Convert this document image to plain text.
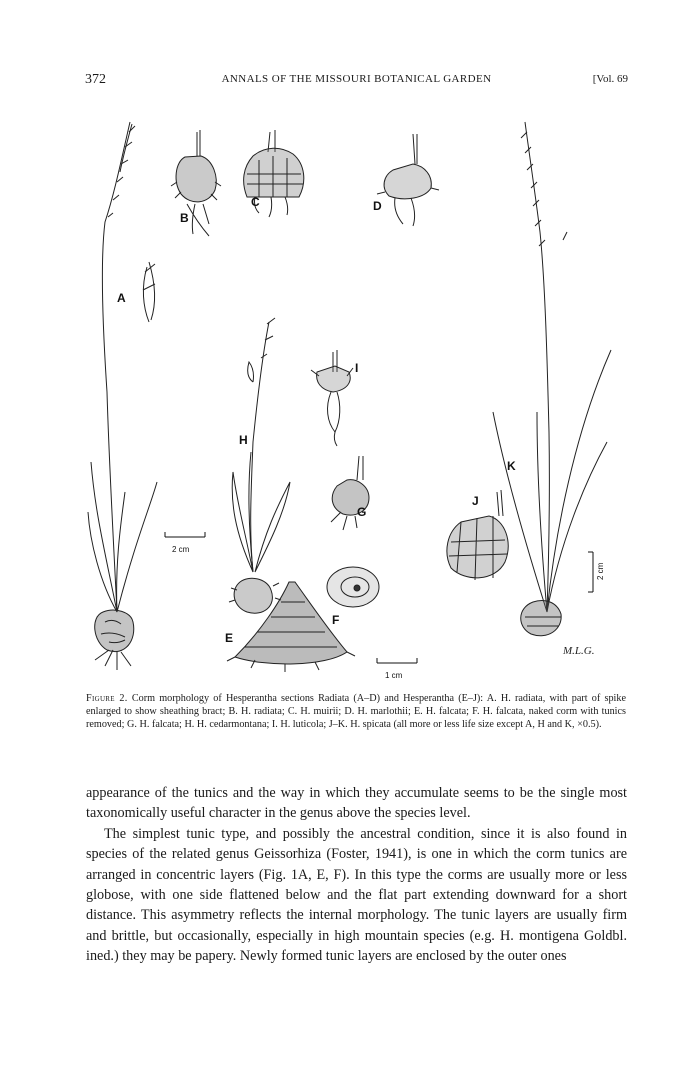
372	ANNALS OF THE MISSOURI BOTANICAL GARDEN	[Vol. 69
2 cm
1 cm
2 cm
A
B
C	D
E
F
G
H
I
J
K
M.L.G.
Figure 2. Corm morphology of Hesperantha sections Radiata (A–D) and Hesperantha (E–J): A. H. radiata, with part of spike enlarged to show sheathing bract; B. H. radiata; C. H. muirii; D. H. marlothii; E. H. falcata; F. H. falcata, naked corm with tunics removed; G. H. falcata; H. H. cedarmontana; I. H. luticola; J–K. H. spicata (all more or less life size except A, H and K, ×0.5).

appearance of the tunics and the way in which they accumulate seems to be the single most taxonomically useful character in the genus above the species level.

The simplest tunic type, and possibly the ancestral condition, since it is also found in species of the related genus Geissorhiza (Foster, 1941), is one in which the corm tunics are arranged in concentric layers (Fig. 1A, E, F). In this type the corms are usually more or less globose, with one side flattened below and the flat part extending downward for a short distance. This asymmetry reflects the internal morphology. The tunic layers are usually firm and brittle, but occasionally, especially in high mountain species (e.g. H. montigena Goldbl. ined.) they may be papery. Newly formed tunic layers are enclosed by the outer ones
